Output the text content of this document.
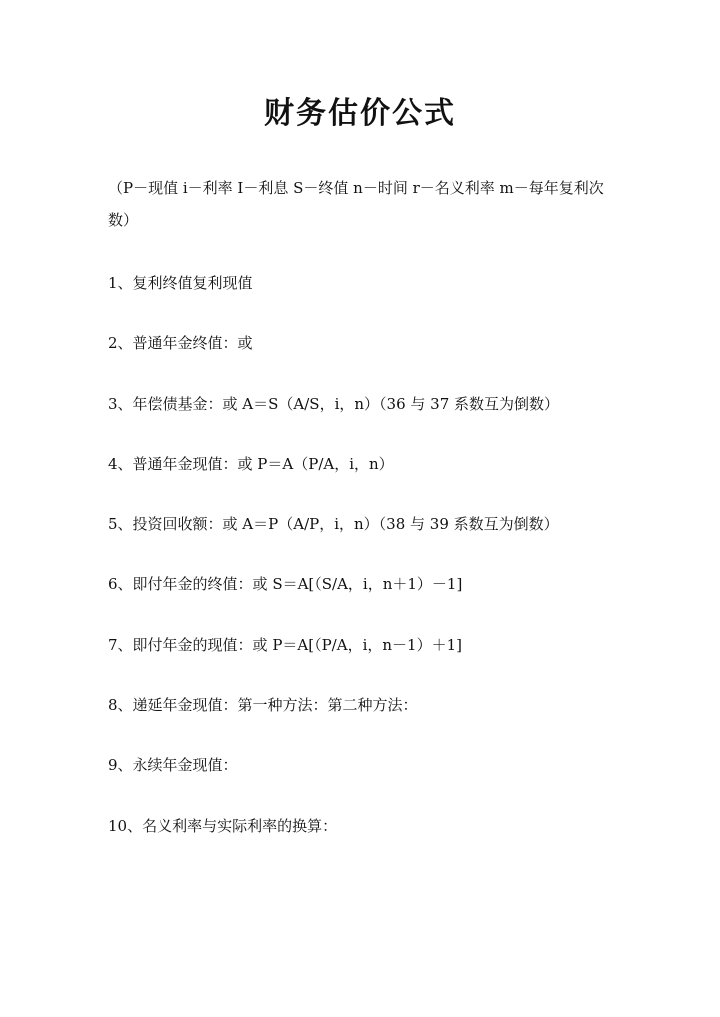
财务估价公式
（P－现值 i－利率 I－利息 S－终值 n－时间 r－名义利率 m－每年复利次数）
1、复利终值复利现值
2、普通年金终值：或
3、年偿债基金：或 A＝S（A/S，i，n）（36 与 37 系数互为倒数）
4、普通年金现值：或 P＝A（P/A，i，n）
5、投资回收额：或 A＝P（A/P，i，n）（38 与 39 系数互为倒数）
6、即付年金的终值：或 S＝A[（S/A，i，n＋1）－1]
7、即付年金的现值：或 P＝A[（P/A，i，n－1）＋1]
8、递延年金现值：第一种方法：第二种方法：
9、永续年金现值：
10、名义利率与实际利率的换算：
